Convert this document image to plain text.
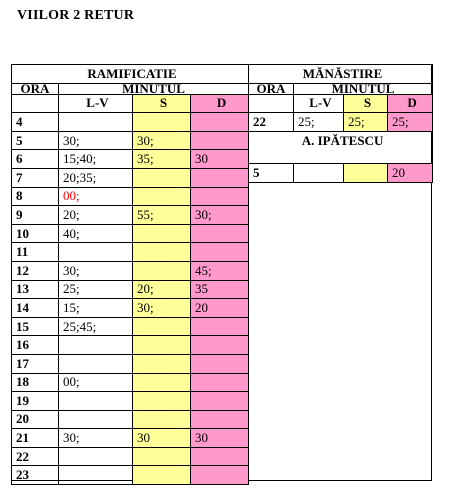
VIILOR 2 RETUR
RAMIFICATIE			
ORA	MINUTUL		
	L-V	S	D
4			
5	30;	30;	
6	15;40;	35;	30
7	20;35;		
8	00;		
9	20;	55;	30;
10	40;		
11			
12	30;		45;
13	25;	20;	35
14	15;	30;	20
15	25;45;		
16			
17			
18	00;		
19			
20			
21	30;	30	30
22			
23			
MĂNĂSTIRE			
ORA	MINUTUL		
	L-V	S	D
22	25;	25;	25;
A. IPĂTESCU			

5			20
